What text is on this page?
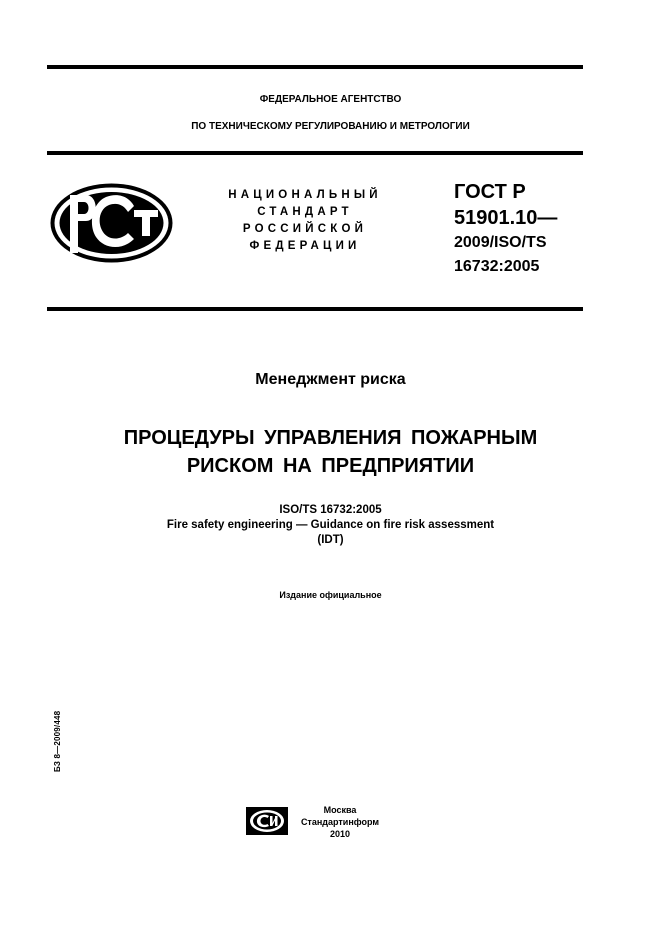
ФЕДЕРАЛЬНОЕ АГЕНТСТВО
ПО ТЕХНИЧЕСКОМУ РЕГУЛИРОВАНИЮ И МЕТРОЛОГИИ
НАЦИОНАЛЬНЫЙ
СТАНДАРТ
РОССИЙСКОЙ
ФЕДЕРАЦИИ
ГОСТ Р
51901.10—
2009/ISO/TS
16732:2005
Менеджмент риска
ПРОЦЕДУРЫ УПРАВЛЕНИЯ ПОЖАРНЫМ
РИСКОМ НА ПРЕДПРИЯТИИ
ISO/TS 16732:2005
Fire safety engineering — Guidance on fire risk assessment
(IDT)
Издание официальное
БЗ 8—2009/448
Москва
Стандартинформ
2010
